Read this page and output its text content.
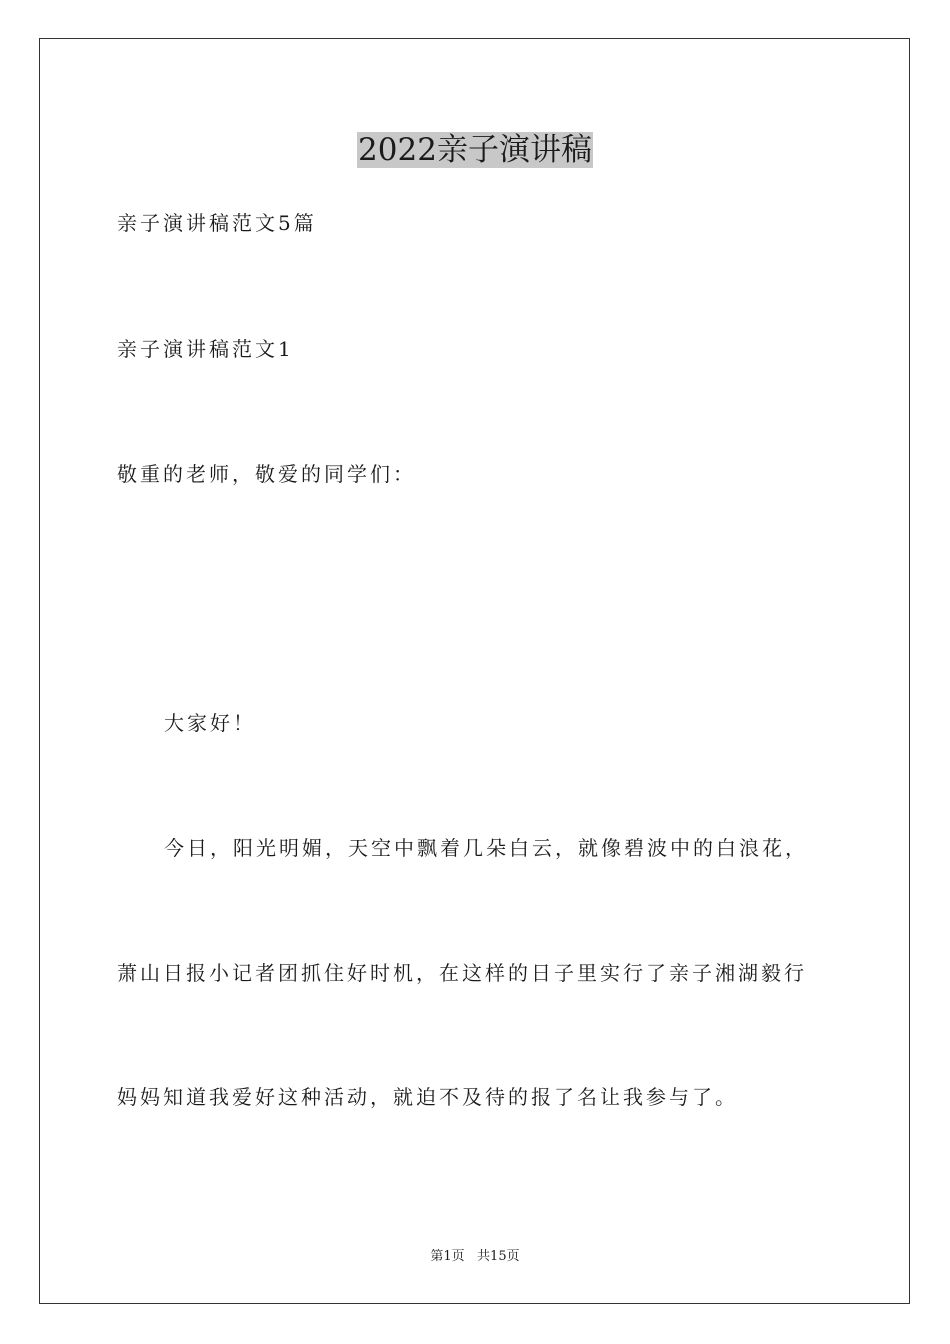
2022亲子演讲稿

亲子演讲稿范文5篇

亲子演讲稿范文1

敬重的老师，敬爱的同学们：

大家好！

今日，阳光明媚，天空中飘着几朵白云，就像碧波中的白浪花，

萧山日报小记者团抓住好时机，在这样的日子里实行了亲子湘湖毅行

妈妈知道我爱好这种活动，就迫不及待的报了名让我参与了。

第1页   共15页
